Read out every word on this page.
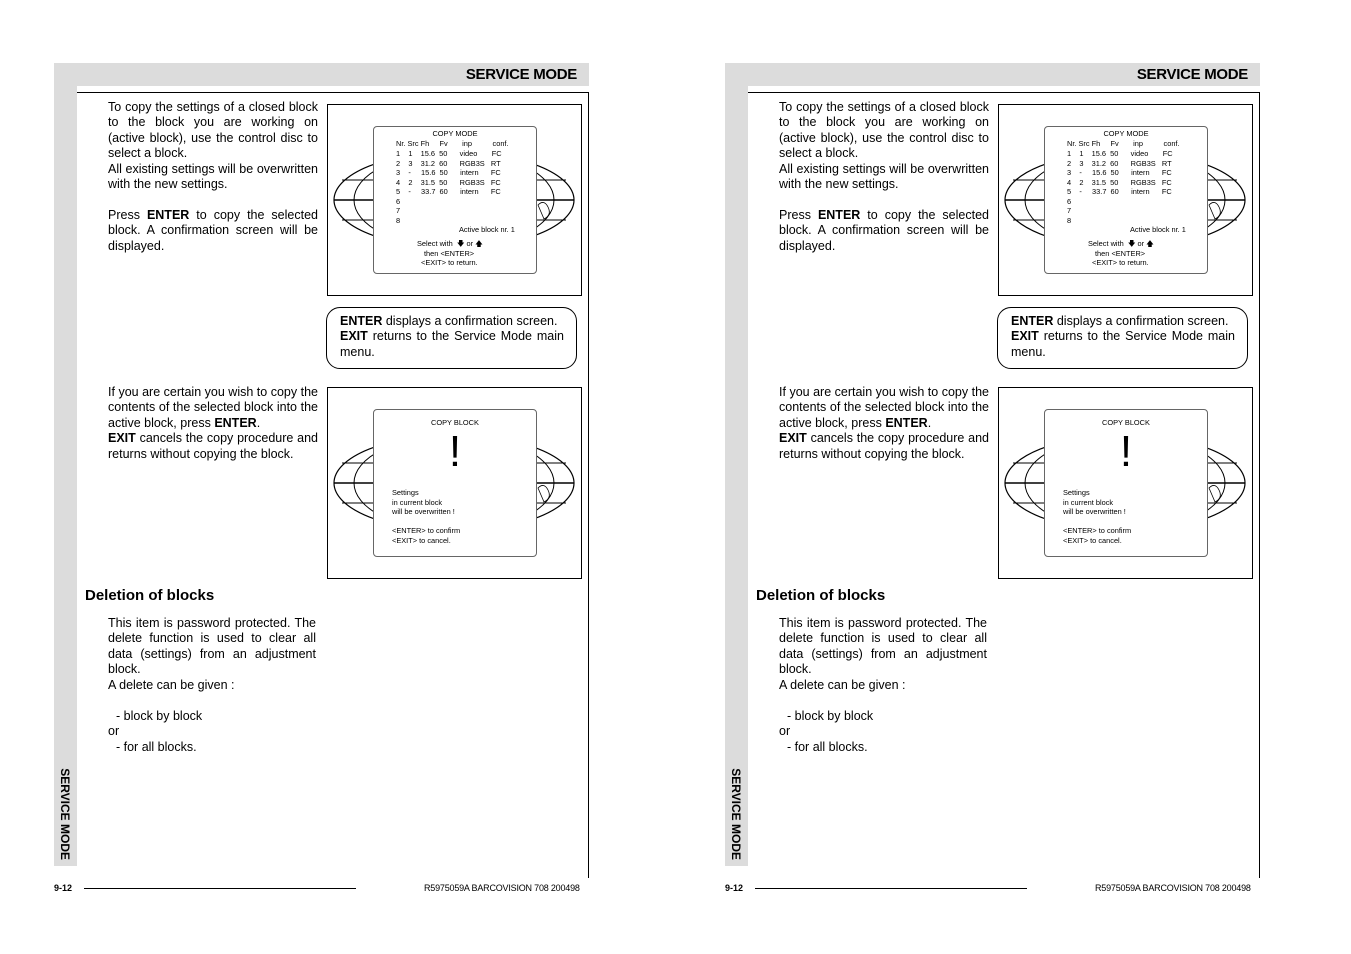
SERVICE MODE
SERVICE MODE
To copy the settings of a closed block to the block you are working on (active block), use the control disc to select a block.
All existing settings will be overwritten with the new settings.

Press ENTER to copy the selected block. A confirmation screen will be displayed.
COPY MODE
Nr. Src Fh     Fv       inp          conf.
1    1    15.6  50      video       FC
2    3    31.2  60      RGB3S   RT
3    -     15.6  50      intern      FC
4    2    31.5  50      RGB3S   FC
5    -     33.7  60      intern      FC
6
7
8
Active block nr. 1
Select with 🡇 or 🡅
then <ENTER>
<EXIT> to return.

ENTER displays a confirmation screen.
EXIT returns to the Service Mode main menu.

If you are certain you wish to copy the contents of the selected block into the active block, press ENTER.
EXIT cancels the copy procedure and returns without copying the block.
COPY BLOCK
!
Settings
in current block
will be overwritten !
<ENTER> to confirm
<EXIT> to cancel.
Deletion of blocks
This item is password protected. The delete function is used to clear all data (settings) from an adjustment block.
A delete can be given :
- block by block
or
- for all blocks.
9-12	R5975059A BARCOVISION 708 200498
SERVICE MODE
SERVICE MODE
To copy the settings of a closed block to the block you are working on (active block), use the control disc to select a block.
All existing settings will be overwritten with the new settings.

Press ENTER to copy the selected block. A confirmation screen will be displayed.
COPY MODE
Nr. Src Fh     Fv       inp          conf.
1    1    15.6  50      video       FC
2    3    31.2  60      RGB3S   RT
3    -     15.6  50      intern      FC
4    2    31.5  50      RGB3S   FC
5    -     33.7  60      intern      FC
6
7
8
Active block nr. 1
Select with 🡇 or 🡅
then <ENTER>
<EXIT> to return.

ENTER displays a confirmation screen.
EXIT returns to the Service Mode main menu.

If you are certain you wish to copy the contents of the selected block into the active block, press ENTER.
EXIT cancels the copy procedure and returns without copying the block.
COPY BLOCK
!
Settings
in current block
will be overwritten !
<ENTER> to confirm
<EXIT> to cancel.
Deletion of blocks
This item is password protected. The delete function is used to clear all data (settings) from an adjustment block.
A delete can be given :
- block by block
or
- for all blocks.
9-12	R5975059A BARCOVISION 708 200498
